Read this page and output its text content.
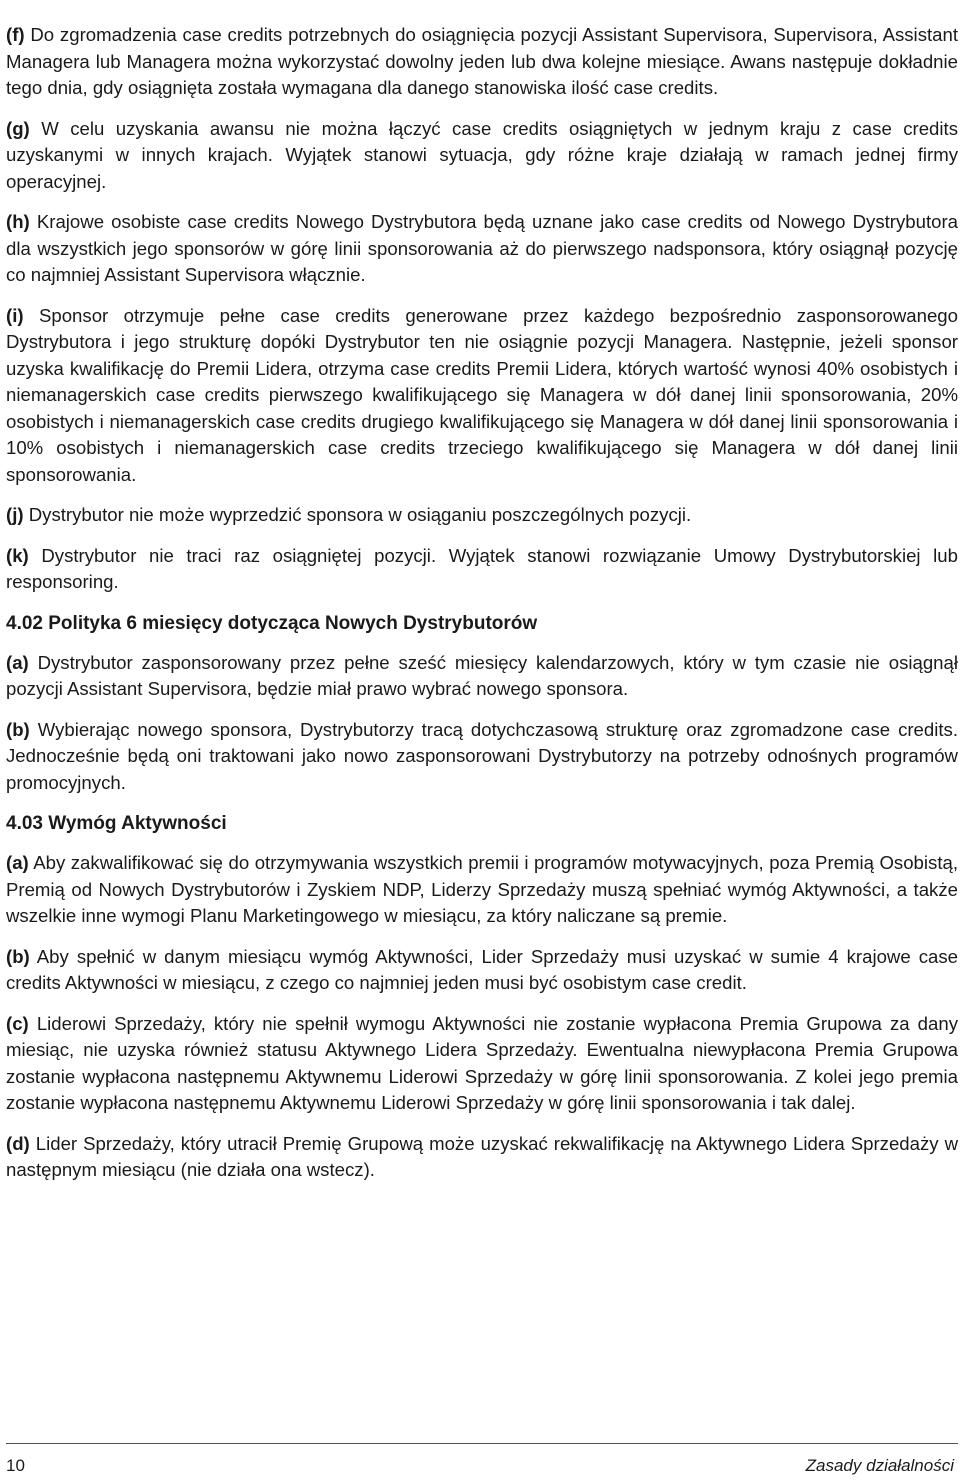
(f) Do zgromadzenia case credits potrzebnych do osiągnięcia pozycji Assistant Supervisora, Supervisora, Assistant Managera lub Managera można wykorzystać dowolny jeden lub dwa kolejne miesiące. Awans następuje dokładnie tego dnia, gdy osiągnięta została wymagana dla danego stanowiska ilość case credits.

(g) W celu uzyskania awansu nie można łączyć case credits osiągniętych w jednym kraju z case credits uzyskanymi w innych krajach. Wyjątek stanowi sytuacja, gdy różne kraje działają w ramach jednej firmy operacyjnej.

(h) Krajowe osobiste case credits Nowego Dystrybutora będą uznane jako case credits od Nowego Dystrybutora dla wszystkich jego sponsorów w górę linii sponsorowania aż do pierwszego nadsponsora, który osiągnął pozycję co najmniej Assistant Supervisora włącznie.

(i) Sponsor otrzymuje pełne case credits generowane przez każdego bezpośrednio zasponsorowanego Dystrybutora i jego strukturę dopóki Dystrybutor ten nie osiągnie pozycji Managera. Następnie, jeżeli sponsor uzyska kwalifikację do Premii Lidera, otrzyma case credits Premii Lidera, których wartość wynosi 40% osobistych i niemanagerskich case credits pierwszego kwalifikującego się Managera w dół danej linii sponsorowania, 20% osobistych i niemanagerskich case credits drugiego kwalifikującego się Managera w dół danej linii sponsorowania i 10% osobistych i niemanagerskich case credits trzeciego kwalifikującego się Managera w dół danej linii sponsorowania.

(j) Dystrybutor nie może wyprzedzić sponsora w osiąganiu poszczególnych pozycji.

(k) Dystrybutor nie traci raz osiągniętej pozycji. Wyjątek stanowi rozwiązanie Umowy Dystrybutorskiej lub responsoring.

4.02 Polityka 6 miesięcy dotycząca Nowych Dystrybutorów

(a) Dystrybutor zasponsorowany przez pełne sześć miesięcy kalendarzowych, który w tym czasie nie osiągnął pozycji Assistant Supervisora, będzie miał prawo wybrać nowego sponsora.

(b) Wybierając nowego sponsora, Dystrybutorzy tracą dotychczasową strukturę oraz zgromadzone case credits. Jednocześnie będą oni traktowani jako nowo zasponsorowani Dystrybutorzy na potrzeby odnośnych programów promocyjnych.

4.03 Wymóg Aktywności

(a) Aby zakwalifikować się do otrzymywania wszystkich premii i programów motywacyjnych, poza Premią Osobistą, Premią od Nowych Dystrybutorów i Zyskiem NDP, Liderzy Sprzedaży muszą spełniać wymóg Aktywności, a także wszelkie inne wymogi Planu Marketingowego w miesiącu, za który naliczane są premie.

(b) Aby spełnić w danym miesiącu wymóg Aktywności, Lider Sprzedaży musi uzyskać w sumie 4 krajowe case credits Aktywności w miesiącu, z czego co najmniej jeden musi być osobistym case credit.

(c) Liderowi Sprzedaży, który nie spełnił wymogu Aktywności nie zostanie wypłacona Premia Grupowa za dany miesiąc, nie uzyska również statusu Aktywnego Lidera Sprzedaży. Ewentualna niewypłacona Premia Grupowa zostanie wypłacona następnemu Aktywnemu Liderowi Sprzedaży w górę linii sponsorowania. Z kolei jego premia zostanie wypłacona następnemu Aktywnemu Liderowi Sprzedaży w górę linii sponsorowania i tak dalej.

(d) Lider Sprzedaży, który utracił Premię Grupową może uzyskać rekwalifikację na Aktywnego Lidera Sprzedaży w następnym miesiącu (nie działa ona wstecz).

10	Zasady działalności
